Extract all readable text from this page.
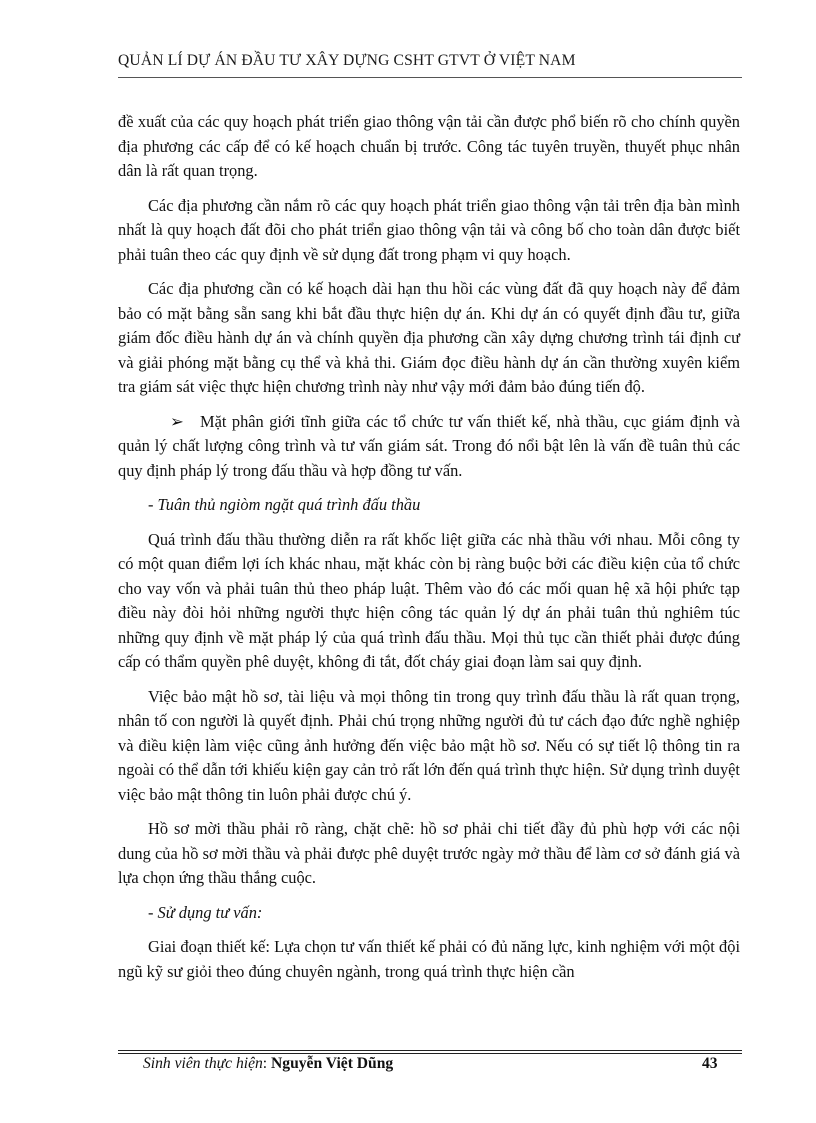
QUẢN LÍ DỰ ÁN ĐẦU TƯ XÂY DỰNG CSHT GTVT Ở VIỆT NAM

đề xuất của các quy hoạch phát triển giao thông vận tải cần được phổ biến rõ cho chính quyền địa phương các cấp để có kế hoạch chuẩn bị trước. Công tác tuyên truyền, thuyết phục nhân dân là rất quan trọng.

Các địa phương cần nắm rõ các quy hoạch phát triển giao thông vận tải trên địa bàn mình nhất là quy hoạch đất đõi cho phát triển giao thông vận tải và công bố cho toàn dân được biết phải tuân theo các quy định về sử dụng đất trong phạm vi quy hoạch.

Các địa phương cần có kế hoạch dài hạn thu hồi các vùng đất đã quy hoạch này để đảm bảo có mặt bằng sẵn sang khi bắt đầu thực hiện dự án. Khi dự án có quyết định đầu tư, giữa giám đốc điều hành dự án và chính quyền địa phương cần xây dựng chương trình tái định cư và giải phóng mặt bằng cụ thể và khả thi. Giám đọc điều hành dự án cần thường xuyên kiểm tra giám sát việc thực hiện chương trình này như vậy mới đảm bảo đúng tiến độ.

➢ Mặt phân giới tĩnh giữa các tổ chức tư vấn thiết kế, nhà thầu, cục giám định và quản lý chất lượng công trình và tư vấn giám sát. Trong đó nổi bật lên là vấn đề tuân thủ các quy định pháp lý trong đấu thầu và hợp đồng tư vấn.

- Tuân thủ ngiòm ngặt quá trình đấu thầu

Quá trình đấu thầu thường diễn ra rất khốc liệt giữa các nhà thầu với nhau. Mỗi công ty có một quan điểm lợi ích khác nhau, mặt khác còn bị ràng buộc bởi các điều kiện của tổ chức cho vay vốn và phải tuân thủ theo pháp luật. Thêm vào đó các mối quan hệ xã hội phức tạp điều này đòi hỏi những người thực hiện công tác quản lý dự án phải tuân thủ nghiêm túc những quy định về mặt pháp lý của quá trình đấu thầu. Mọi thủ tục cần thiết phải được đúng cấp có thẩm quyền phê duyệt, không đi tắt, đốt cháy giai đoạn làm sai quy định.

Việc bảo mật hồ sơ, tài liệu và mọi thông tin trong quy trình đấu thầu là rất quan trọng, nhân tố con người là quyết định. Phải chú trọng những người đủ tư cách đạo đức nghề nghiệp và điều kiện làm việc cũng ảnh hưởng đến việc bảo mật hồ sơ. Nếu có sự tiết lộ thông tin ra ngoài có thể dẫn tới khiếu kiện gay cản trỏ rất lớn đến quá trình thực hiện. Sử dụng trình duyệt việc bảo mật thông tin luôn phải được chú ý.

Hồ sơ mời thầu phải rõ ràng, chặt chẽ: hồ sơ phải chi tiết đầy đủ phù hợp với các nội dung của hồ sơ mời thầu và phải được phê duyệt trước ngày mở thầu để làm cơ sở đánh giá và lựa chọn ứng thầu thắng cuộc.

- Sử dụng tư vấn:

Giai đoạn thiết kế: Lựa chọn tư vấn thiết kế phải có đủ năng lực, kinh nghiệm với một đội ngũ kỹ sư giỏi theo đúng chuyên ngành, trong quá trình thực hiện cần

Sinh viên thực hiện: Nguyễn Việt Dũng	43
